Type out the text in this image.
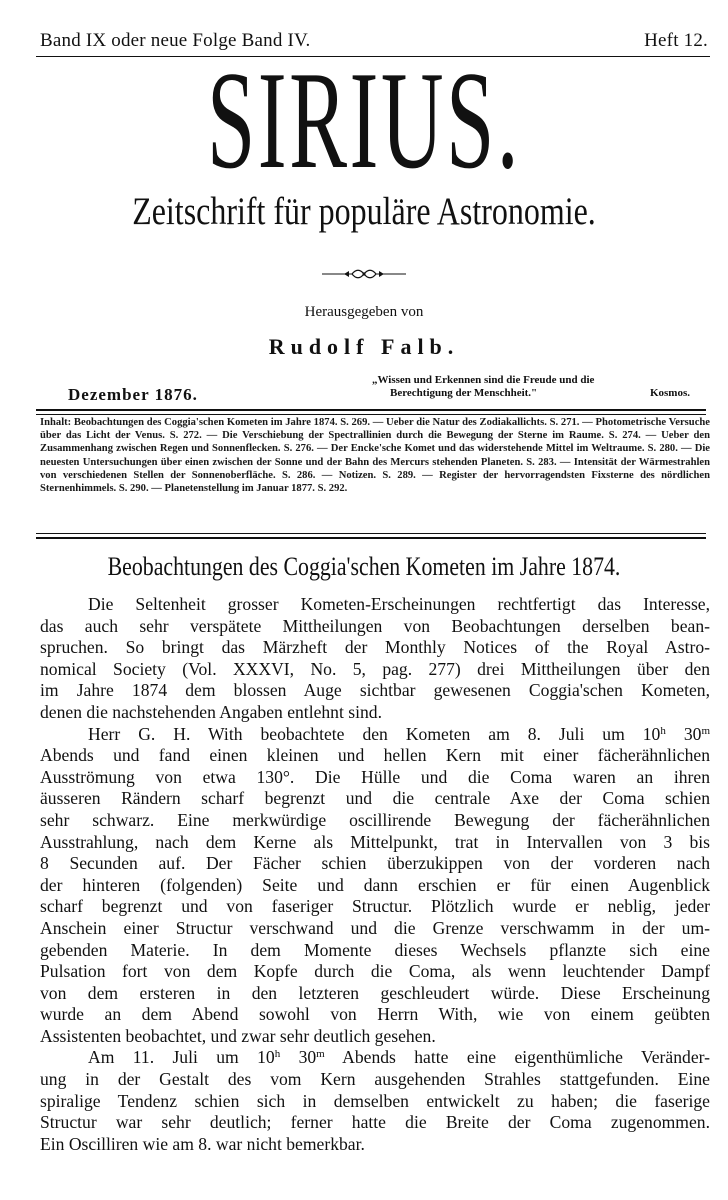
Band IX oder neue Folge Band IV.	Heft 12.
SIRIUS.
Zeitschrift für populäre Astronomie.
Herausgegeben von
Rudolf Falb.
Dezember 1876.
„Wissen und Erkennen sind die Freude und die
Berechtigung der Menschheit."	Kosmos.
Inhalt: Beobachtungen des Coggia'schen Kometen im Jahre 1874. S. 269. — Ueber die Natur des Zodiakallichts. S. 271. — Photometrische Versuche über das Licht der Venus. S. 272. — Die Verschiebung der Spectrallinien durch die Bewegung der Sterne im Raume. S. 274. — Ueber den Zusammenhang zwischen Regen und Sonnenflecken. S. 276. — Der Encke'sche Komet und das widerstehende Mittel im Weltraume. S. 280. — Die neuesten Untersuchungen über einen zwischen der Sonne und der Bahn des Mercurs stehenden Planeten. S. 283. — Intensität der Wärmestrahlen von verschiedenen Stellen der Sonnenoberfläche. S. 286. — Notizen. S. 289. — Register der hervorragendsten Fixsterne des nördlichen Sternenhimmels. S. 290. — Planetenstellung im Januar 1877. S. 292.
Beobachtungen des Coggia'schen Kometen im Jahre 1874.
Die Seltenheit grosser Kometen-Erscheinungen rechtfertigt das Interesse,
das auch sehr verspätete Mittheilungen von Beobachtungen derselben bean-
spruchen. So bringt das Märzheft der Monthly Notices of the Royal Astro-
nomical Society (Vol. XXXVI, No. 5, pag. 277) drei Mittheilungen über den
im Jahre 1874 dem blossen Auge sichtbar gewesenen Coggia'schen Kometen,
denen die nachstehenden Angaben entlehnt sind.
Herr G. H. With beobachtete den Kometen am 8. Juli um 10$^h$ 30$^m$
Abends und fand einen kleinen und hellen Kern mit einer fächerähnlichen
Ausströmung von etwa 130°. Die Hülle und die Coma waren an ihren
äusseren Rändern scharf begrenzt und die centrale Axe der Coma schien
sehr schwarz. Eine merkwürdige oscillirende Bewegung der fächerähnlichen
Ausstrahlung, nach dem Kerne als Mittelpunkt, trat in Intervallen von 3 bis
8 Secunden auf. Der Fächer schien überzukippen von der vorderen nach
der hinteren (folgenden) Seite und dann erschien er für einen Augenblick
scharf begrenzt und von faseriger Structur. Plötzlich wurde er neblig, jeder
Anschein einer Structur verschwand und die Grenze verschwamm in der um-
gebenden Materie. In dem Momente dieses Wechsels pflanzte sich eine
Pulsation fort von dem Kopfe durch die Coma, als wenn leuchtender Dampf
von dem ersteren in den letzteren geschleudert würde. Diese Erscheinung
wurde an dem Abend sowohl von Herrn With, wie von einem geübten
Assistenten beobachtet, und zwar sehr deutlich gesehen.
Am 11. Juli um 10$^h$ 30$^m$ Abends hatte eine eigenthümliche Veränder-
ung in der Gestalt des vom Kern ausgehenden Strahles stattgefunden. Eine
spiralige Tendenz schien sich in demselben entwickelt zu haben; die faserige
Structur war sehr deutlich; ferner hatte die Breite der Coma zugenommen.
Ein Oscilliren wie am 8. war nicht bemerkbar.
